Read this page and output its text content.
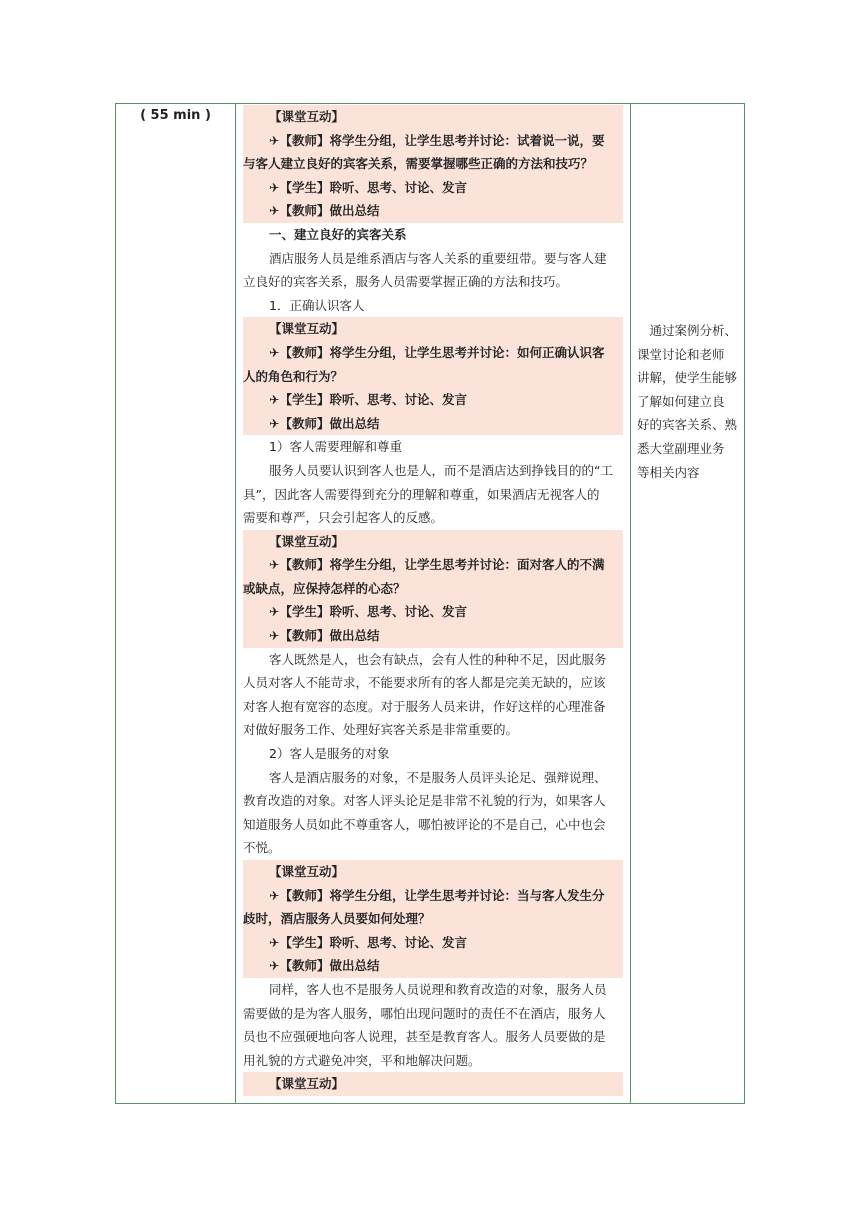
( 55 min )	【课堂互动】
✈【教师】将学生分组，让学生思考并讨论：试着说一说，要
与客人建立良好的宾客关系，需要掌握哪些正确的方法和技巧？
✈【学生】聆听、思考、讨论、发言
✈【教师】做出总结
一、建立良好的宾客关系
酒店服务人员是维系酒店与客人关系的重要纽带。要与客人建
立良好的宾客关系，服务人员需要掌握正确的方法和技巧。
1．正确认识客人
【课堂互动】
✈【教师】将学生分组，让学生思考并讨论：如何正确认识客
人的角色和行为？
✈【学生】聆听、思考、讨论、发言
✈【教师】做出总结
1）客人需要理解和尊重
服务人员要认识到客人也是人，而不是酒店达到挣钱目的的“工
具”，因此客人需要得到充分的理解和尊重，如果酒店无视客人的
需要和尊严，只会引起客人的反感。
【课堂互动】
✈【教师】将学生分组，让学生思考并讨论：面对客人的不满
或缺点，应保持怎样的心态？
✈【学生】聆听、思考、讨论、发言
✈【教师】做出总结
客人既然是人，也会有缺点，会有人性的种种不足，因此服务
人员对客人不能苛求，不能要求所有的客人都是完美无缺的，应该
对客人抱有宽容的态度。对于服务人员来讲，作好这样的心理准备
对做好服务工作、处理好宾客关系是非常重要的。
2）客人是服务的对象
客人是酒店服务的对象，不是服务人员评头论足、强辩说理、
教育改造的对象。对客人评头论足是非常不礼貌的行为，如果客人
知道服务人员如此不尊重客人，哪怕被评论的不是自己，心中也会
不悦。
【课堂互动】
✈【教师】将学生分组，让学生思考并讨论：当与客人发生分
歧时，酒店服务人员要如何处理？
✈【学生】聆听、思考、讨论、发言
✈【教师】做出总结
同样，客人也不是服务人员说理和教育改造的对象，服务人员
需要做的是为客人服务，哪怕出现问题时的责任不在酒店，服务人
员也不应强硬地向客人说理，甚至是教育客人。服务人员要做的是
用礼貌的方式避免冲突，平和地解决问题。
【课堂互动】
　通过案例分析、
课堂讨论和老师
讲解，使学生能够
了解如何建立良
好的宾客关系、熟
悉大堂副理业务
等相关内容
